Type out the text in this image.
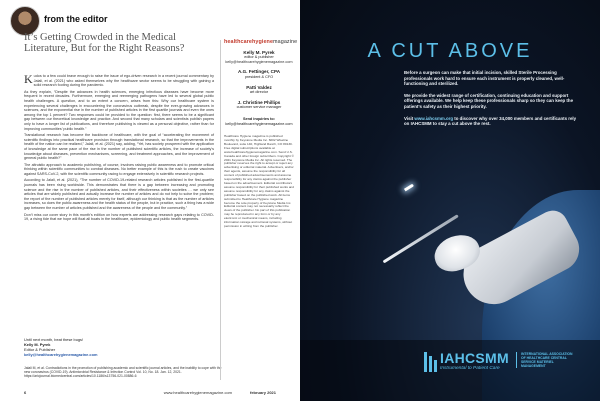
from the editor
It’s Getting Crowded in the Medical Literature, But for the Right Reasons?

Kudos to a few could brave enough to raise the issue of ego-driven research in a recent journal commentary by Jalali, et al. (2021) who asked themselves why the healthcare sector seems to be struggling with gaining a solid research footing during the pandemic.

As they explain, “Despite the advances in health sciences, emerging infectious diseases have become more frequent in recent decades. Furthermore, emerging and reemerging pathogens have led to several global public health challenges. A question, and to an extent a concern, arises from this: Why our healthcare system is experiencing several challenges in encountering the coronavirus outbreak, despite the ever-growing advances in sciences, and the exponential rise in the number of published articles in the first quartile journals and even the ones among the top 1 percent? Two responses could be provided to the question: first, there seems to be a significant gap between our theoretical knowledge and practice. And second that many scholars and scientists publish papers only to have a longer list of publications, and therefore publishing is viewed as a personal objective, rather than for improving communities’ public health.”

Translational research has become the backbone of healthcare, with the goal of “accelerating the movement of scientific findings into practical healthcare provision through translational research, so that the improvements in the health of the nation can be realized,” Jalali, et al. (2021) say, adding, “Yet, has society prospered with the application of knowledge at the same pace of the rise in the number of published scientific articles, the increase of society’s knowledge about diseases, prevention mechanisms, screening, and treatment approaches, and the improvement of general public health?”

The altruistic approach to academic publishing, of course, involves raising public awareness and to promote critical thinking within scientific communities to combat diseases. No better example of this is the rush to create vaccines against SARS-CoV-2, with the scientific community racing to engage extensively in scientific research projects.

According to Jalali, et al. (2021), “The number of COVID-19-related research articles published in the first-quartile journals has been rising worldwide. This demonstrates that there is a gap between increasing and promoting science and the rise in the number of published articles, and their effectiveness within societies … we only see articles that are widely published and actually increase the number of articles and do not help to solve the problem; the report of the number of published articles merely for itself, although our thinking is that as the number of articles increases, so does the public awareness and the health status of the people, but in practice, such a thing has a wide gap between the number of articles published and the awareness of the people and the community.”

Don’t miss our cover story in this month’s edition on how experts are addressing research gaps relating to COVID-19, a rising tide that we hope will float all boats in the healthcare, epidemiology and public health segments.

Until next month, beat these bugs!
Kelly M. Pyrek
Editor & Publisher
kelly@healthcarehygienemagazine.com
Jalali M, et al. Contradictions in the promotion of publishing academic and scientific journal articles, and the inability to cope with the new coronavirus (COVID-19). Antimicrobial Resistance & Infection Control Vol. 10, No. 18. Jan. 12, 2021. https://aricjournal.biomedcentral.com/articles/10.1186/s13756-021-00886-6
6	www.healthcarehygienemagazine.com	february 2021
healthcarehygienemagazine
Kelly M. Pyrek
editor & publisher
kelly@healthcarehygienemagazine.com
A.G. Fettinger, CPA
president & CFO
Patti Valdez
art director
J. Christine Phillips
customer service manager
Send inquiries to:
kelly@healthcarehygienemagazine.com
Healthcare Hygiene magazine is published monthly by Keystone Media Inc. 6002 Wiseline Boulevard, suite 140, Highland Ranch, CO 80130. Free digital subscriptions available at www.healthcarehygienemagazine.com. Send U.S. Canada and other foreign subscribers. Copyright © 2021 Keystone Media Inc. All rights reserved. The publisher reserves the right to accept or reject any advertising or editorial material. Advertisers, and/or their agents, assume the responsibility for all content of published advertisements and assume responsibility for any claims against the publisher based on the advertisement. Editorial contributors assume responsibility for their published works and assume responsibility for any claims against the publisher based on the published work. All items submitted to Healthcare Hygiene magazine become the sole property of Keystone Media Inc. Editorial content may not necessarily reflect the views of the publisher. No part of this publication may be reproduced in any form or by any electronic or mechanical means, including information storage and retrieval systems, without permission in writing from the publisher.
A CUT ABOVE

Before a surgeon can make that initial incision, skilled Sterile Processing professionals work hard to ensure each instrument is properly cleaned, well-functioning and sterilized.

We provide the widest range of certification, continuing education and support offerings available. We help keep these professionals sharp so they can keep the patient’s safety as their highest priority.

Visit www.iahcsmm.org to discover why over 34,000 members and certificants rely on IAHCSMM to stay a cut above the rest.

IAHCSMM
Instrumental to Patient Care
INTERNATIONAL ASSOCIATION OF HEALTHCARE CENTRAL SERVICE MATERIEL MANAGEMENT
